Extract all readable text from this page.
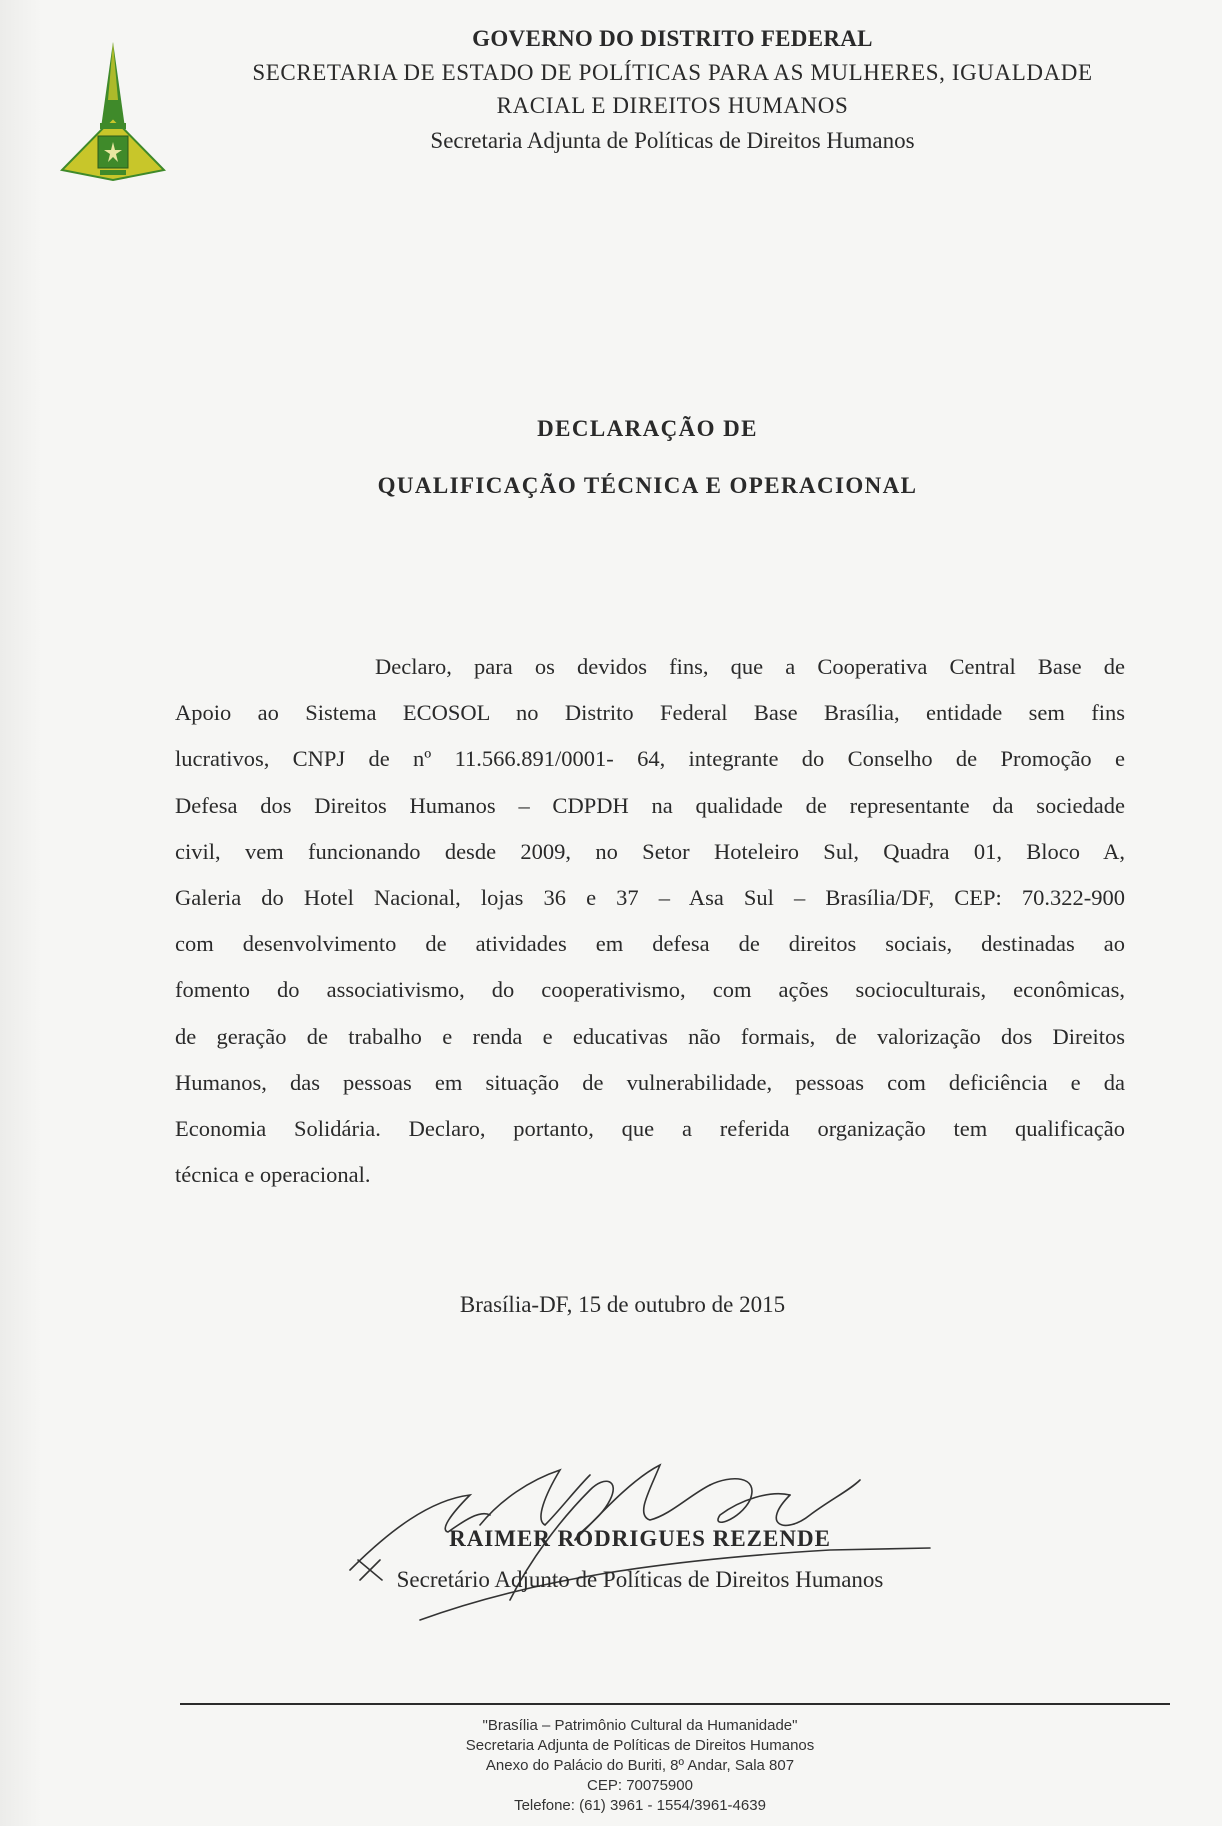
GOVERNO DO DISTRITO FEDERAL
SECRETARIA DE ESTADO DE POLÍTICAS PARA AS MULHERES, IGUALDADE
RACIAL E DIREITOS HUMANOS
Secretaria Adjunta de Políticas de Direitos Humanos
DECLARAÇÃO DE
QUALIFICAÇÃO TÉCNICA E OPERACIONAL
Declaro, para os devidos fins, que a Cooperativa Central Base de
Apoio ao Sistema ECOSOL no Distrito Federal Base Brasília, entidade sem fins
lucrativos, CNPJ de nº 11.566.891/0001- 64, integrante do Conselho de Promoção e
Defesa dos Direitos Humanos – CDPDH na qualidade de representante da sociedade
civil, vem funcionando desde 2009, no Setor Hoteleiro Sul, Quadra 01, Bloco A,
Galeria do Hotel Nacional, lojas 36 e 37 – Asa Sul – Brasília/DF, CEP: 70.322-900
com desenvolvimento de atividades em defesa de direitos sociais, destinadas ao
fomento do associativismo, do cooperativismo, com ações socioculturais, econômicas,
de geração de trabalho e renda e educativas não formais, de valorização dos Direitos
Humanos, das pessoas em situação de vulnerabilidade, pessoas com deficiência e da
Economia Solidária. Declaro, portanto, que a referida organização tem qualificação
técnica e operacional.
Brasília-DF, 15 de outubro de 2015
RAIMER RODRIGUES REZENDE
Secretário Adjunto de Políticas de Direitos Humanos
"Brasília – Patrimônio Cultural da Humanidade"
Secretaria Adjunta de Políticas de Direitos Humanos
Anexo do Palácio do Buriti, 8º Andar, Sala 807
CEP: 70075900
Telefone: (61) 3961 - 1554/3961-4639
